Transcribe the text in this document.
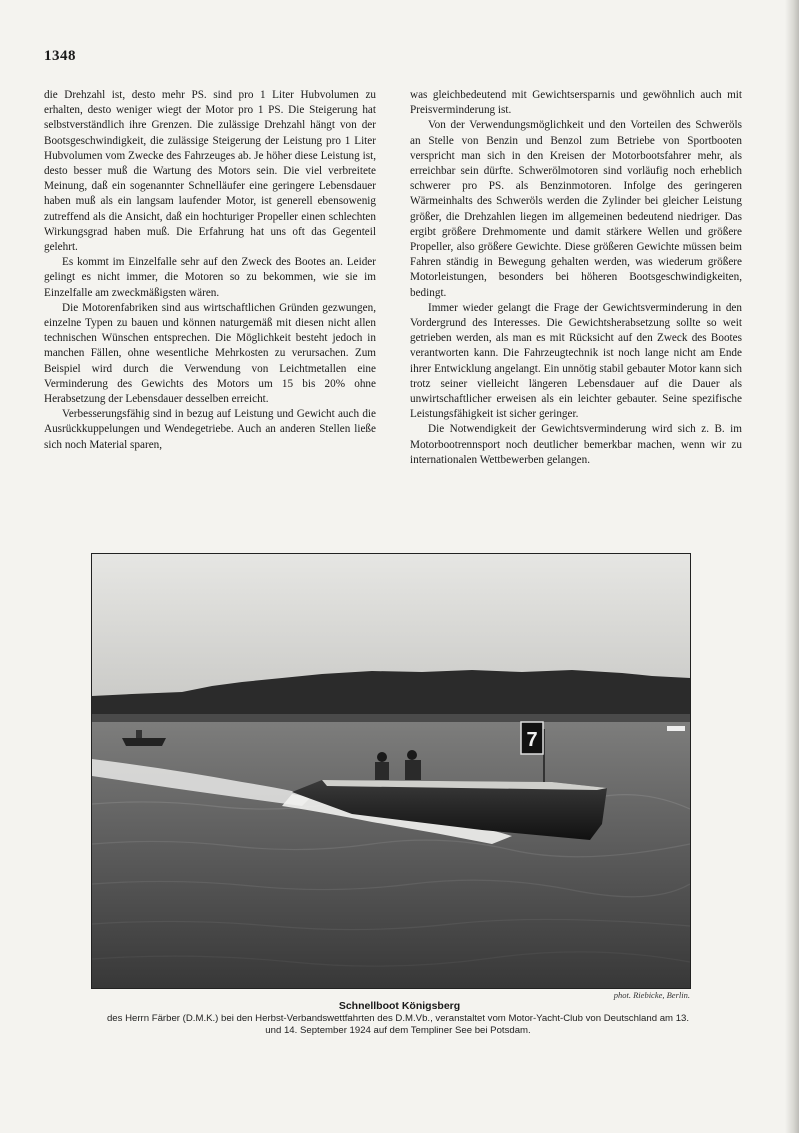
1348

die Drehzahl ist, desto mehr PS. sind pro 1 Liter Hubvolumen zu erhalten, desto weniger wiegt der Motor pro 1 PS. Die Steigerung hat selbstverständlich ihre Grenzen. Die zulässige Drehzahl hängt von der Bootsgeschwindigkeit, die zulässige Steigerung der Leistung pro 1 Liter Hubvolumen vom Zwecke des Fahrzeuges ab. Je höher diese Leistung ist, desto besser muß die Wartung des Motors sein. Die viel verbreitete Meinung, daß ein sogenannter Schnelläufer eine geringere Lebensdauer haben muß als ein langsam laufender Motor, ist generell ebensowenig zutreffend als die Ansicht, daß ein hochturiger Propeller einen schlechten Wirkungsgrad haben muß. Die Erfahrung hat uns oft das Gegenteil gelehrt.

Es kommt im Einzelfalle sehr auf den Zweck des Bootes an. Leider gelingt es nicht immer, die Motoren so zu bekommen, wie sie im Einzelfalle am zweckmäßigsten wären.

Die Motorenfabriken sind aus wirtschaftlichen Gründen gezwungen, einzelne Typen zu bauen und können naturgemäß mit diesen nicht allen technischen Wünschen entsprechen. Die Möglichkeit besteht jedoch in manchen Fällen, ohne wesentliche Mehrkosten zu verursachen. Zum Beispiel wird durch die Verwendung von Leichtmetallen eine Verminderung des Gewichts des Motors um 15 bis 20% ohne Herabsetzung der Lebensdauer desselben erreicht.

Verbesserungsfähig sind in bezug auf Leistung und Gewicht auch die Ausrückkuppelungen und Wendegetriebe. Auch an anderen Stellen ließe sich noch Material sparen,

was gleichbedeutend mit Gewichtsersparnis und gewöhnlich auch mit Preisverminderung ist.

Von der Verwendungsmöglichkeit und den Vorteilen des Schweröls an Stelle von Benzin und Benzol zum Betriebe von Sportbooten verspricht man sich in den Kreisen der Motorbootsfahrer mehr, als erreichbar sein dürfte. Schwerölmotoren sind vorläufig noch erheblich schwerer pro PS. als Benzinmotoren. Infolge des geringeren Wärmeinhalts des Schweröls werden die Zylinder bei gleicher Leistung größer, die Drehzahlen liegen im allgemeinen bedeutend niedriger. Das ergibt größere Drehmomente und damit stärkere Wellen und größere Propeller, also größere Gewichte. Diese größeren Gewichte müssen beim Fahren ständig in Bewegung gehalten werden, was wiederum größere Motorleistungen, besonders bei höheren Bootsgeschwindigkeiten, bedingt.

Immer wieder gelangt die Frage der Gewichtsverminderung in den Vordergrund des Interesses. Die Gewichtsherabsetzung sollte so weit getrieben werden, als man es mit Rücksicht auf den Zweck des Bootes verantworten kann. Die Fahrzeugtechnik ist noch lange nicht am Ende ihrer Entwicklung angelangt. Ein unnötig stabil gebauter Motor kann sich trotz seiner vielleicht längeren Lebensdauer auf die Dauer als unwirtschaftlicher erweisen als ein leichter gebauter. Seine spezifische Leistungsfähigkeit ist sicher geringer.

Die Notwendigkeit der Gewichtsverminderung wird sich z. B. im Motorbootrennsport noch deutlicher bemerkbar machen, wenn wir zu internationalen Wettbewerben gelangen.

7
phot. Riebicke, Berlin.
Schnellboot Königsberg
des Herrn Färber (D.M.K.) bei den Herbst-Verbandswettfahrten des D.M.Vb., veranstaltet vom Motor-Yacht-Club von Deutschland am 13. und 14. September 1924 auf dem Templiner See bei Potsdam.
